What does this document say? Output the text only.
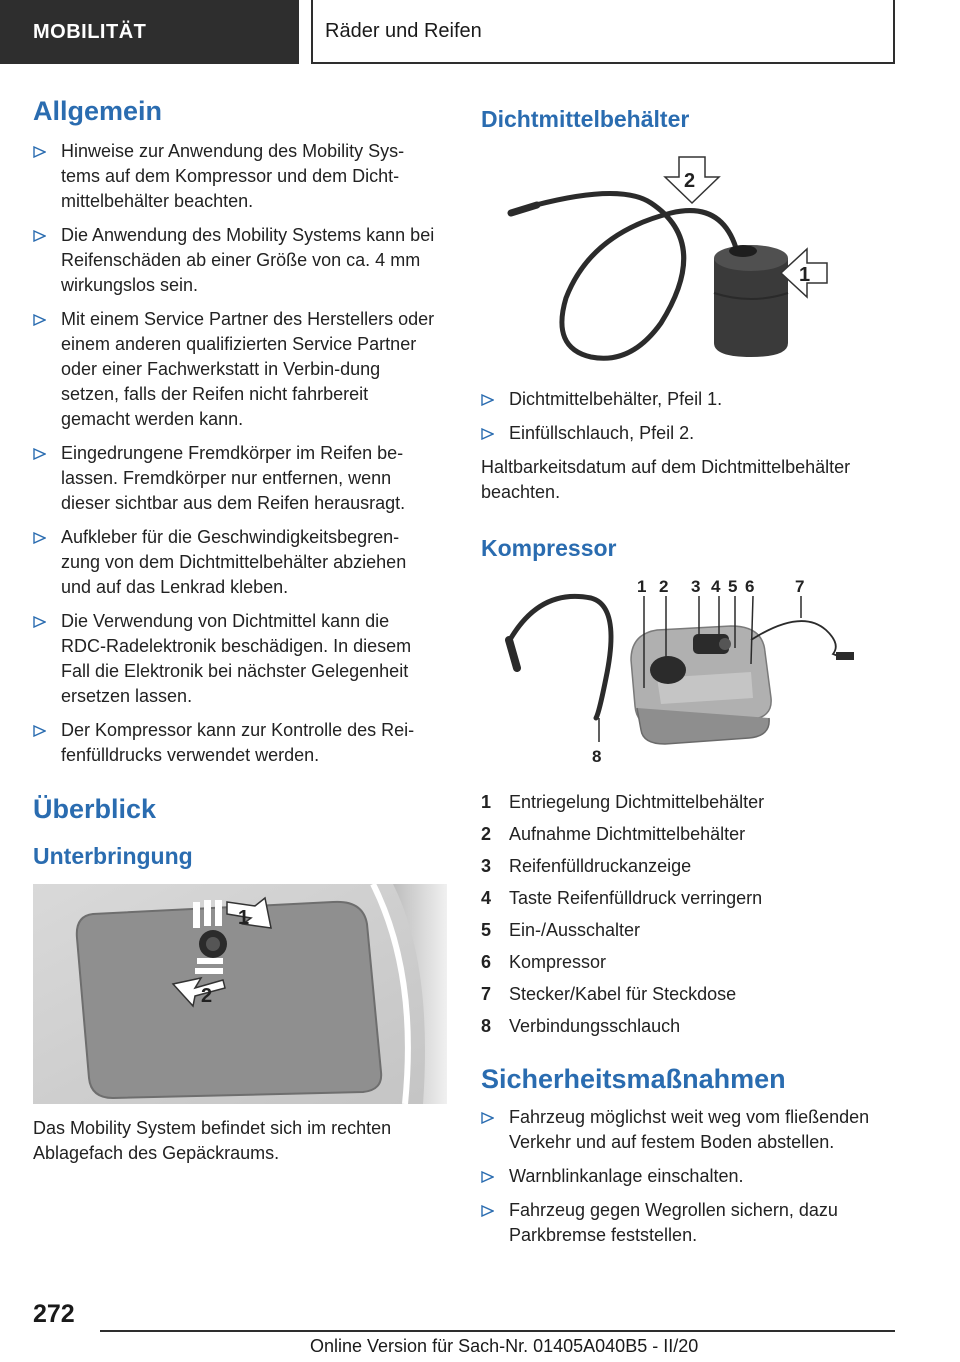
MOBILITÄT	Räder und Reifen
Allgemein
Hinweise zur Anwendung des Mobility Sys-tems auf dem Kompressor und dem Dicht-mittelbehälter beachten.
Die Anwendung des Mobility Systems kann bei Reifenschäden ab einer Größe von ca. 4 mm wirkungslos sein.
Mit einem Service Partner des Herstellers oder einem anderen qualifizierten Service Partner oder einer Fachwerkstatt in Verbin-dung setzen, falls der Reifen nicht fahrbereit gemacht werden kann.
Eingedrungene Fremdkörper im Reifen be-lassen. Fremdkörper nur entfernen, wenn dieser sichtbar aus dem Reifen herausragt.
Aufkleber für die Geschwindigkeitsbegren-zung von dem Dichtmittelbehälter abziehen und auf das Lenkrad kleben.
Die Verwendung von Dichtmittel kann die RDC-Radelektronik beschädigen. In diesem Fall die Elektronik bei nächster Gelegenheit ersetzen lassen.
Der Kompressor kann zur Kontrolle des Rei-fenfülldrucks verwendet werden.
Überblick
Unterbringung
1
2

Das Mobility System befindet sich im rechten Ablagefach des Gepäckraums.

Dichtmittelbehälter
2
1
Dichtmittelbehälter, Pfeil 1.
Einfüllschlauch, Pfeil 2.

Haltbarkeitsdatum auf dem Dichtmittelbehälter beachten.

Kompressor
1 2 3 4 5 6 7
8
1 Entriegelung Dichtmittelbehälter
2 Aufnahme Dichtmittelbehälter
3 Reifenfülldruckanzeige
4 Taste Reifenfülldruck verringern
5 Ein-/Ausschalter
6 Kompressor
7 Stecker/Kabel für Steckdose
8 Verbindungsschlauch
Sicherheitsmaßnahmen
Fahrzeug möglichst weit weg vom fließenden Verkehr und auf festem Boden abstellen.
Warnblinkanlage einschalten.
Fahrzeug gegen Wegrollen sichern, dazu Parkbremse feststellen.
272
Online Version für Sach-Nr. 01405A040B5 - II/20
